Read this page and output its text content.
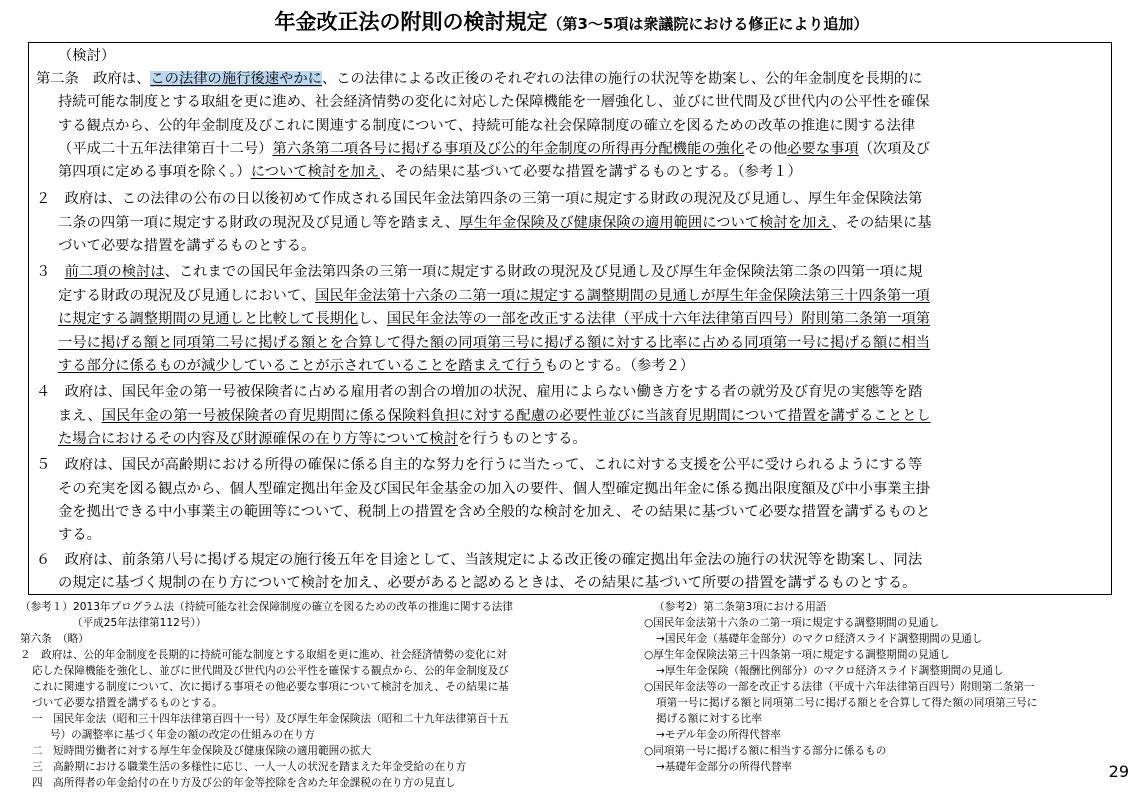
年金改正法の附則の検討規定（第3～5項は衆議院における修正により追加）
（検討）
第二条　政府は、この法律の施行後速やかに、この法律による改正後のそれぞれの法律の施行の状況等を勘案し、公的年金制度を長期的に
持続可能な制度とする取組を更に進め、社会経済情勢の変化に対応した保障機能を一層強化し、並びに世代間及び世代内の公平性を確保
する観点から、公的年金制度及びこれに関連する制度について、持続可能な社会保障制度の確立を図るための改革の推進に関する法律
（平成二十五年法律第百十二号）第六条第二項各号に掲げる事項及び公的年金制度の所得再分配機能の強化その他必要な事項（次項及び
第四項に定める事項を除く。）について検討を加え、その結果に基づいて必要な措置を講ずるものとする。（参考１）
２　政府は、この法律の公布の日以後初めて作成される国民年金法第四条の三第一項に規定する財政の現況及び見通し、厚生年金保険法第
二条の四第一項に規定する財政の現況及び見通し等を踏まえ、厚生年金保険及び健康保険の適用範囲について検討を加え、その結果に基
づいて必要な措置を講ずるものとする。
３　前二項の検討は、これまでの国民年金法第四条の三第一項に規定する財政の現況及び見通し及び厚生年金保険法第二条の四第一項に規
定する財政の現況及び見通しにおいて、国民年金法第十六条の二第一項に規定する調整期間の見通しが厚生年金保険法第三十四条第一項
に規定する調整期間の見通しと比較して長期化し、国民年金法等の一部を改正する法律（平成十六年法律第百四号）附則第二条第一項第
一号に掲げる額と同項第二号に掲げる額とを合算して得た額の同項第三号に掲げる額に対する比率に占める同項第一号に掲げる額に相当
する部分に係るものが減少していることが示されていることを踏まえて行うものとする。（参考２）
４　政府は、国民年金の第一号被保険者に占める雇用者の割合の増加の状況、雇用によらない働き方をする者の就労及び育児の実態等を踏
まえ、国民年金の第一号被保険者の育児期間に係る保険料負担に対する配慮の必要性並びに当該育児期間について措置を講ずることとし
た場合におけるその内容及び財源確保の在り方等について検討を行うものとする。
５　政府は、国民が高齢期における所得の確保に係る自主的な努力を行うに当たって、これに対する支援を公平に受けられるようにする等
その充実を図る観点から、個人型確定拠出年金及び国民年金基金の加入の要件、個人型確定拠出年金に係る拠出限度額及び中小事業主掛
金を拠出できる中小事業主の範囲等について、税制上の措置を含め全般的な検討を加え、その結果に基づいて必要な措置を講ずるものと
する。
６　政府は、前条第八号に掲げる規定の施行後五年を目途として、当該規定による改正後の確定拠出年金法の施行の状況等を勘案し、同法
の規定に基づく規制の在り方について検討を加え、必要があると認めるときは、その結果に基づいて所要の措置を講ずるものとする。
（参考１）2013年プログラム法（持続可能な社会保障制度の確立を図るための改革の推進に関する法律
（平成25年法律第112号））
第六条　（略）
２　政府は、公的年金制度を長期的に持続可能な制度とする取組を更に進め、社会経済情勢の変化に対
応した保障機能を強化し、並びに世代間及び世代内の公平性を確保する観点から、公的年金制度及び
これに関連する制度について、次に掲げる事項その他必要な事項について検討を加え、その結果に基
づいて必要な措置を講ずるものとする。
一　国民年金法（昭和三十四年法律第百四十一号）及び厚生年金保険法（昭和二十九年法律第百十五
号）の調整率に基づく年金の額の改定の仕組みの在り方
二　短時間労働者に対する厚生年金保険及び健康保険の適用範囲の拡大
三　高齢期における職業生活の多様性に応じ、一人一人の状況を踏まえた年金受給の在り方
四　高所得者の年金給付の在り方及び公的年金等控除を含めた年金課税の在り方の見直し
（参考2）第二条第3項における用語
○国民年金法第十六条の二第一項に規定する調整期間の見通し
→国民年金（基礎年金部分）のマクロ経済スライド調整期間の見通し
○厚生年金保険法第三十四条第一項に規定する調整期間の見通し
→厚生年金保険（報酬比例部分）のマクロ経済スライド調整期間の見通し
○国民年金法等の一部を改正する法律（平成十六年法律第百四号）附則第二条第一
項第一号に掲げる額と同項第二号に掲げる額とを合算して得た額の同項第三号に
掲げる額に対する比率
→モデル年金の所得代替率
○同項第一号に掲げる額に相当する部分に係るもの
→基礎年金部分の所得代替率	29
